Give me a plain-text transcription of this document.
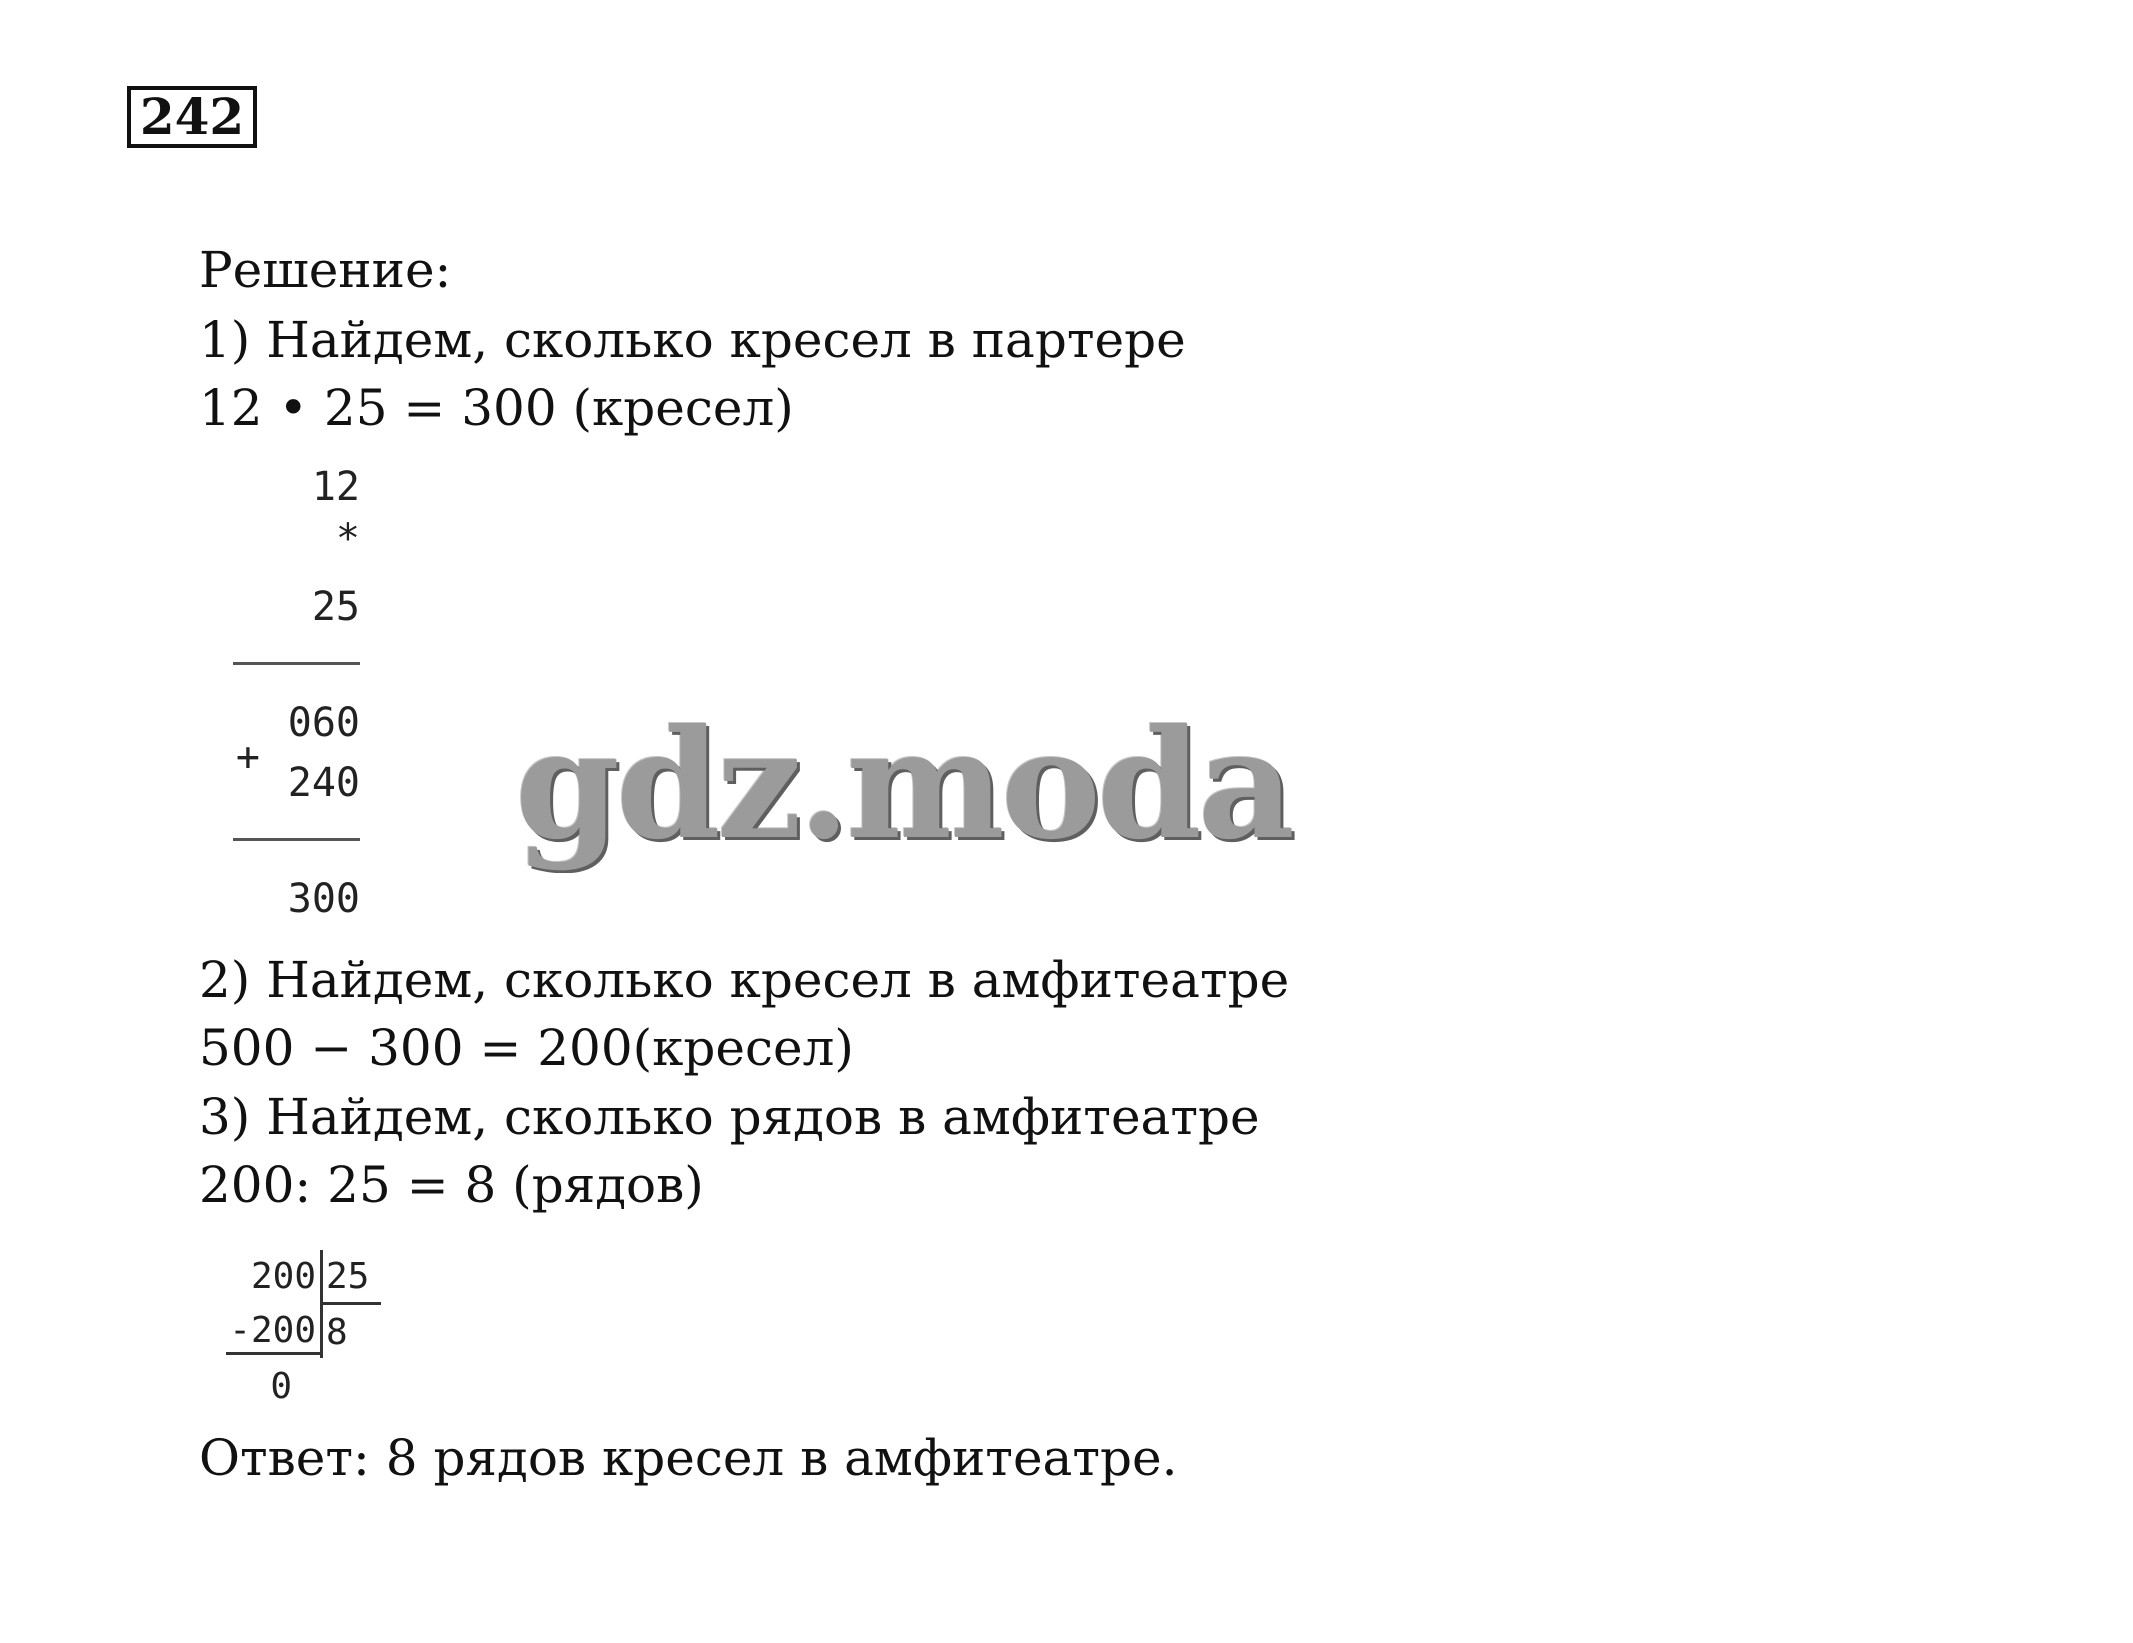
242
Решение:
1) Найдем, сколько кресел в партере
12 • 25 = 300 (кресел)
12
*
25
060
+
240
300
gdz.moda
2) Найдем, сколько кресел в амфитеатре
500 − 300 = 200(кресел)
3) Найдем, сколько рядов в амфитеатре
200: 25 = 8 (рядов)
200 25
-200 8
0
Ответ: 8 рядов кресел в амфитеатре.
